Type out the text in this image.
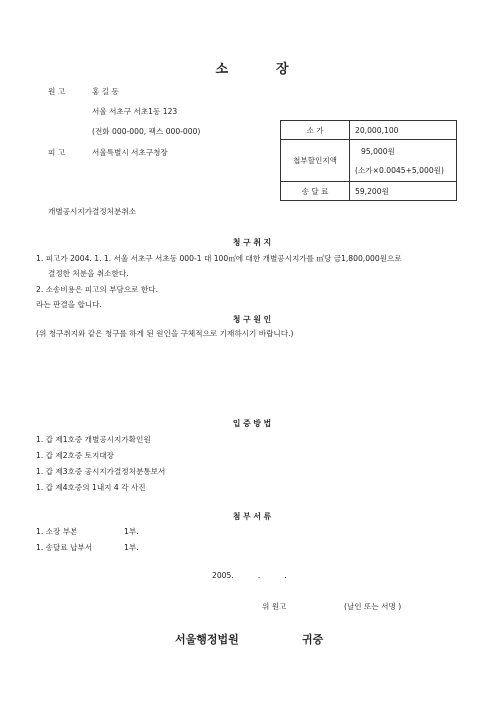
소	장
원 고	홍 길 동
서울 서초구 서초1동 123
(전화 000-000, 팩스 000-000)
피 고	서울특별시 서초구청장
소 가	20,000,100
첩부할인지액	95,000원
(소가×0.0045+5,000원)

송 달 료	59,200원
개별공시지가결정처분취소
청 구 취 지
1. 피고가 2004. 1. 1. 서울 서초구 서초동 000-1 대 100㎡에 대한 개별공시지가를 ㎡당 금1,800,000원으로
결정한 처분을 취소한다.
2. 소송비용은 피고의 부담으로 한다.
라는 판결을 합니다.
청 구 원 인
(위 청구취지와 같은 청구를 하게 된 원인을 구체적으로 기재하시기 바랍니다.)
입 증 방 법
1. 갑 제1호증 개별공시지가확인원
1. 갑 제2호증 토지대장
1. 갑 제3호증 공시지가결정처분통보서
1. 갑 제4호증의 1내지 4 각 사진
첨 부 서 류
1. 소장 부본	1부.
1. 송달료 납부서	1부.
2005.          .          .
위 원고	(날인 또는 서명 )
서울행정법원	귀중
